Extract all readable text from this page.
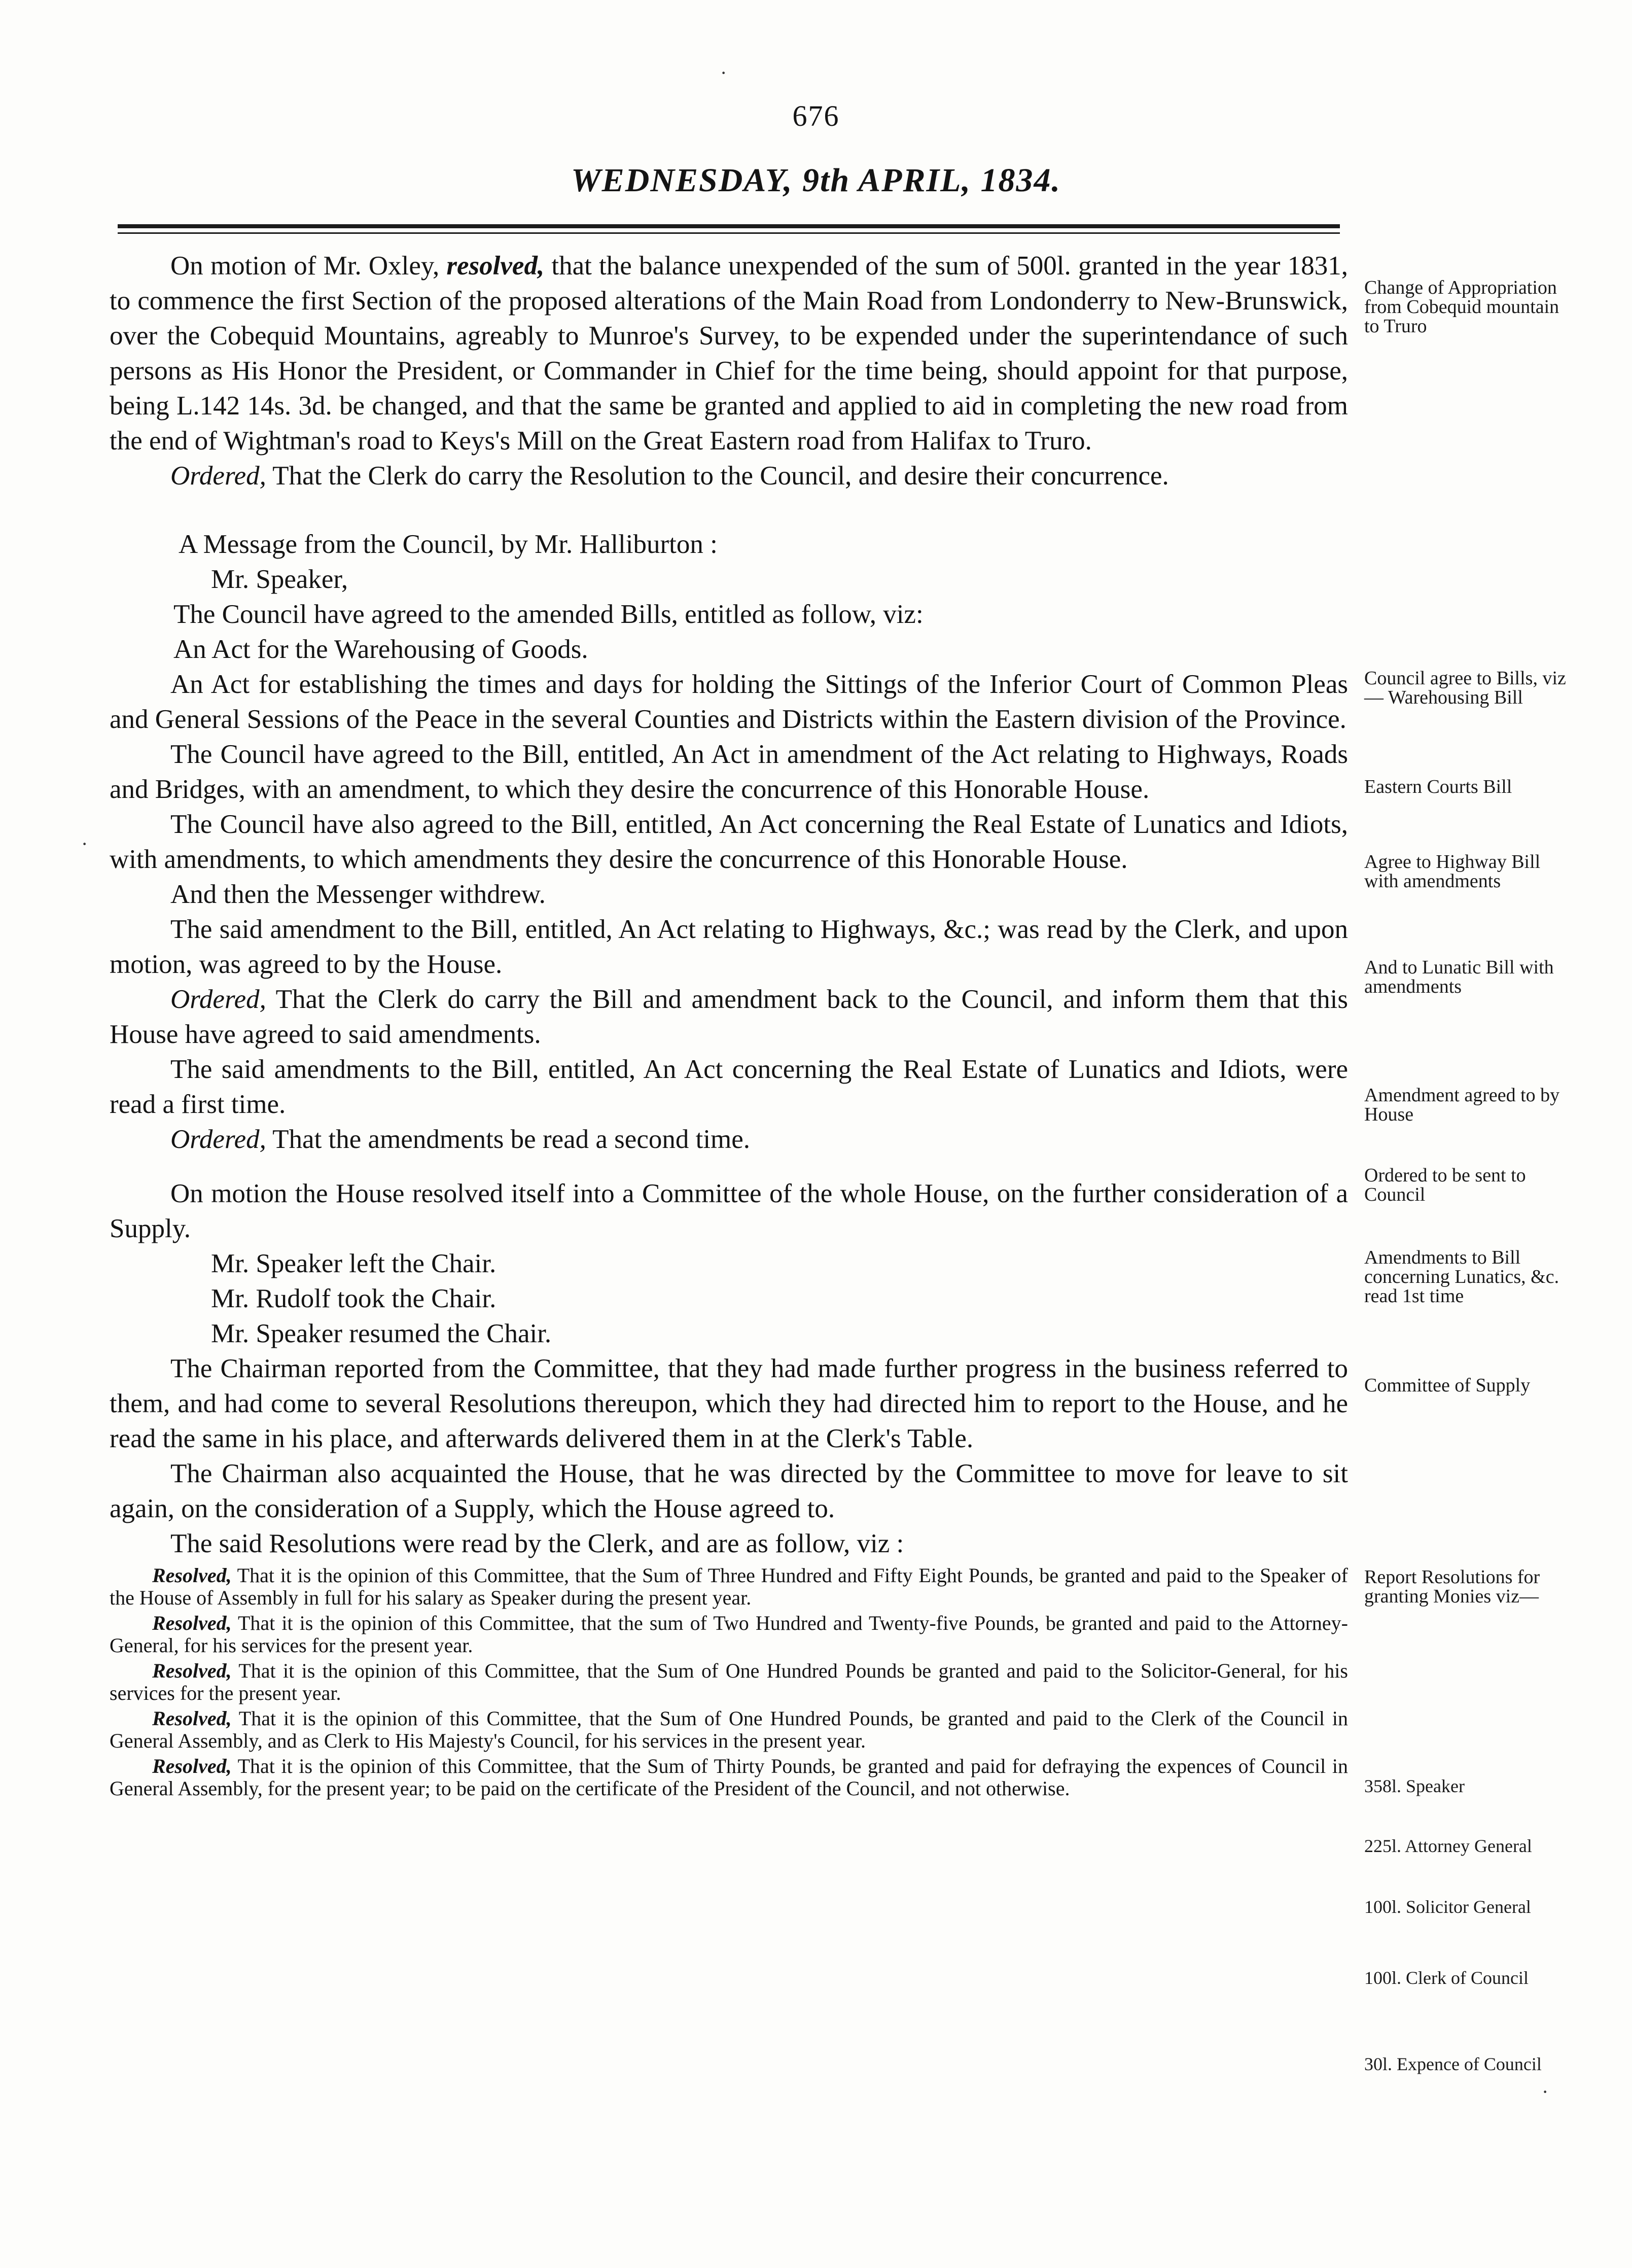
676
WEDNESDAY, 9th APRIL, 1834.

On motion of Mr. Oxley, resolved, that the balance unexpended of the sum of 500l. granted in the year 1831, to commence the first Section of the proposed alterations of the Main Road from Londonderry to New-Brunswick, over the Cobequid Mountains, agreably to Munroe's Survey, to be expended under the superintendance of such persons as His Honor the President, or Commander in Chief for the time being, should appoint for that purpose, being L.142 14s. 3d. be changed, and that the same be granted and applied to aid in completing the new road from the end of Wightman's road to Keys's Mill on the Great Eastern road from Halifax to Truro.

Ordered, That the Clerk do carry the Resolution to the Council, and desire their concurrence.

A Message from the Council, by Mr. Halliburton :

Mr. Speaker,

The Council have agreed to the amended Bills, entitled as follow, viz:

An Act for the Warehousing of Goods.

An Act for establishing the times and days for holding the Sittings of the Inferior Court of Common Pleas and General Sessions of the Peace in the several Counties and Districts within the Eastern division of the Province.

The Council have agreed to the Bill, entitled, An Act in amendment of the Act relating to Highways, Roads and Bridges, with an amendment, to which they desire the concurrence of this Honorable House.

The Council have also agreed to the Bill, entitled, An Act concerning the Real Estate of Lunatics and Idiots, with amendments, to which amendments they desire the concurrence of this Honorable House.

And then the Messenger withdrew.

The said amendment to the Bill, entitled, An Act relating to Highways, &c.; was read by the Clerk, and upon motion, was agreed to by the House.

Ordered, That the Clerk do carry the Bill and amendment back to the Council, and inform them that this House have agreed to said amendments.

The said amendments to the Bill, entitled, An Act concerning the Real Estate of Lunatics and Idiots, were read a first time.

Ordered, That the amendments be read a second time.

On motion the House resolved itself into a Committee of the whole House, on the further consideration of a Supply.

Mr. Speaker left the Chair.

Mr. Rudolf took the Chair.

Mr. Speaker resumed the Chair.

The Chairman reported from the Committee, that they had made further progress in the business referred to them, and had come to several Resolutions thereupon, which they had directed him to report to the House, and he read the same in his place, and afterwards delivered them in at the Clerk's Table.

The Chairman also acquainted the House, that he was directed by the Committee to move for leave to sit again, on the consideration of a Supply, which the House agreed to.

The said Resolutions were read by the Clerk, and are as follow, viz :

Resolved, That it is the opinion of this Committee, that the Sum of Three Hundred and Fifty Eight Pounds, be granted and paid to the Speaker of the House of Assembly in full for his salary as Speaker during the present year.

Resolved, That it is the opinion of this Committee, that the sum of Two Hundred and Twenty-five Pounds, be granted and paid to the Attorney-General, for his services for the present year.

Resolved, That it is the opinion of this Committee, that the Sum of One Hundred Pounds be granted and paid to the Solicitor-General, for his services for the present year.

Resolved, That it is the opinion of this Committee, that the Sum of One Hundred Pounds, be granted and paid to the Clerk of the Council in General Assembly, and as Clerk to His Majesty's Council, for his services in the present year.

Resolved, That it is the opinion of this Committee, that the Sum of Thirty Pounds, be granted and paid for defraying the expences of Council in General Assembly, for the present year; to be paid on the certificate of the President of the Council, and not otherwise.

Change of Appropriation from Cobequid mountain to Truro
Council agree to Bills, viz— Warehousing Bill
Eastern Courts Bill
Agree to Highway Bill with amendments
And to Lunatic Bill with amendments
Amendment agreed to by House
Ordered to be sent to Council
Amendments to Bill concerning Lunatics, &c. read 1st time
Committee of Supply
Report Resolutions for granting Monies viz—
358l. Speaker
225l. Attorney General
100l. Solicitor General
100l. Clerk of Council
30l. Expence of Council
·
·
·
